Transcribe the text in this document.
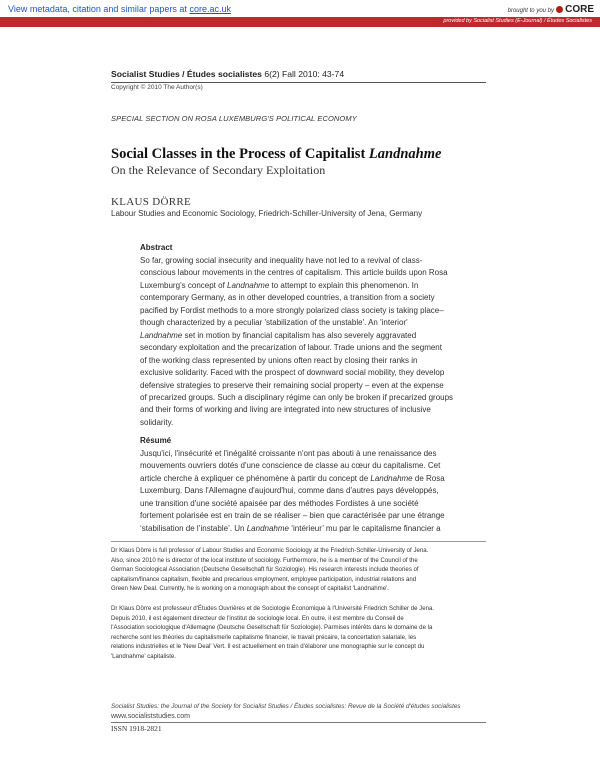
View metadata, citation and similar papers at core.ac.uk	brought to you by	CORE
provided by Socialist Studies (E-Journal) / Études Socialistes
Socialist Studies / Études socialistes 6(2) Fall 2010: 43-74
Copyright © 2010 The Author(s)
SPECIAL SECTION ON ROSA LUXEMBURG'S POLITICAL ECONOMY
Social Classes in the Process of Capitalist Landnahme
On the Relevance of Secondary Exploitation
KLAUS DÖRRE
Labour Studies and Economic Sociology, Friedrich-Schiller-University of Jena, Germany
Abstract
So far, growing social insecurity and inequality have not led to a revival of class-
conscious labour movements in the centres of capitalism. This article builds upon Rosa
Luxemburg’s concept of Landnahme to attempt to explain this phenomenon. In
contemporary Germany, as in other developed countries, a transition from a society
pacified by Fordist methods to a more strongly polarized class society is taking place–
though characterized by a peculiar 'stabilization of the unstable'. An 'interior'
Landnahme set in motion by financial capitalism has also severely aggravated
secondary exploitation and the precarization of labour. Trade unions and the segment
of the working class represented by unions often react by closing their ranks in
exclusive solidarity. Faced with the prospect of downward social mobility, they develop
defensive strategies to preserve their remaining social property – even at the expense
of precarized groups. Such a disciplinary régime can only be broken if precarized groups
and their forms of working and living are integrated into new structures of inclusive
solidarity.
Résumé
Jusqu'ici, l'insécurité et l'inégalité croissante n'ont pas abouti à une renaissance des
mouvements ouvriers dotés d'une conscience de classe au cœur du capitalisme. Cet
article cherche à expliquer ce phénomène à partir du concept de Landnahme de Rosa
Luxemburg. Dans l'Allemagne d'aujourd'hui, comme dans d'autres pays développés,
une transition d'une société apaisée par des méthodes Fordistes à une société
fortement polarisée est en train de se réaliser – bien que caractérisée par une étrange
‘stabilisation de l’instable’. Un Landnahme ‘intérieur’ mu par le capitalisme financier a
Dr Klaus Dörre is full professor of Labour Studies and Economic Sociology at the Friedrich-Schiller-University of Jena.
Also, since 2010 he is director of the local institute of sociology. Furthermore, he is a member of the Council of the
German Sociological Association (Deutsche Gesellschaft für Soziologie). His research interests include theories of
capitalism/finance capitalism, flexible and precarious employment, employee participation, industrial relations and
Green New Deal. Currently, he is working on a monograph about the concept of capitalist 'Landnahme'.
Dr Klaus Dörre est professeur d'Études Ouvrières et de Sociologie Économique à l'Université Friedrich Schiller de Jena.
Depuis 2010, il est également directeur de l'institut de sociologie local. En outre, il est membre du Conseil de
l'Association sociologique d'Allemagne (Deutsche Gesellschaft für Soziologie). Parmises intérêts dans le domaine de la
recherche sont les théories du capitalisme/le capitalisme financier, le travail précaire, la concertation salariale, les
relations industrielles et le 'New Deal' Vert. Il est actuellement en train d'élaborer une monographie sur le concept du
'Landnahme' capitaliste.
Socialist Studies: the Journal of the Society for Socialist Studies / Études socialistes: Revue de la Société d'études socialistes
www.socialiststudies.com
ISSN 1918-2821
